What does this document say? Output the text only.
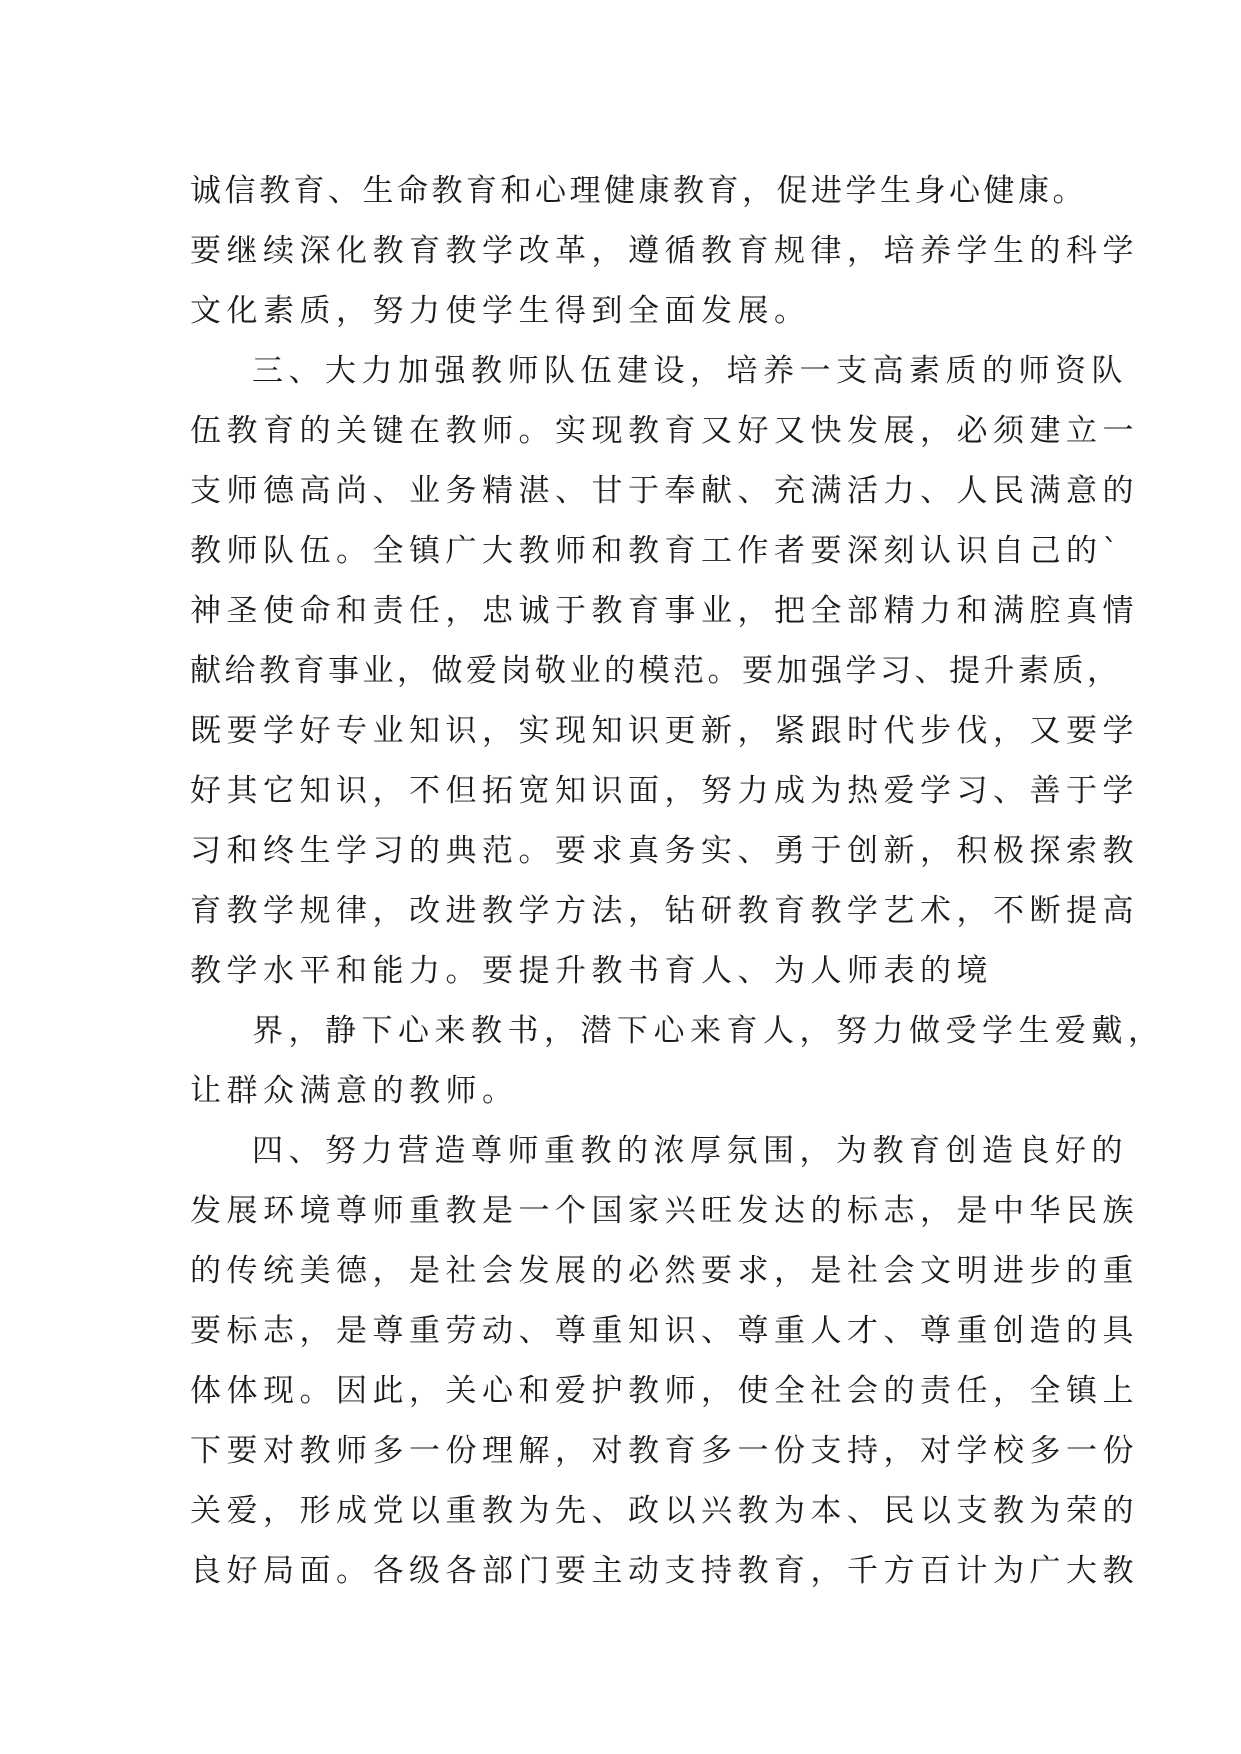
诚信教育、生命教育和心理健康教育，促进学生身心健康。
要继续深化教育教学改革，遵循教育规律，培养学生的科学
文化素质，努力使学生得到全面发展。
三、大力加强教师队伍建设，培养一支高素质的师资队
伍教育的关键在教师。实现教育又好又快发展，必须建立一
支师德高尚、业务精湛、甘于奉献、充满活力、人民满意的
教师队伍。全镇广大教师和教育工作者要深刻认识自己的`
神圣使命和责任，忠诚于教育事业，把全部精力和满腔真情
献给教育事业，做爱岗敬业的模范。要加强学习、提升素质，
既要学好专业知识，实现知识更新，紧跟时代步伐，又要学
好其它知识，不但拓宽知识面，努力成为热爱学习、善于学
习和终生学习的典范。要求真务实、勇于创新，积极探索教
育教学规律，改进教学方法，钻研教育教学艺术，不断提高
教学水平和能力。要提升教书育人、为人师表的境
界，静下心来教书，潜下心来育人，努力做受学生爱戴，
让群众满意的教师。
四、努力营造尊师重教的浓厚氛围，为教育创造良好的
发展环境尊师重教是一个国家兴旺发达的标志，是中华民族
的传统美德，是社会发展的必然要求，是社会文明进步的重
要标志，是尊重劳动、尊重知识、尊重人才、尊重创造的具
体体现。因此，关心和爱护教师，使全社会的责任，全镇上
下要对教师多一份理解，对教育多一份支持，对学校多一份
关爱，形成党以重教为先、政以兴教为本、民以支教为荣的
良好局面。各级各部门要主动支持教育，千方百计为广大教
